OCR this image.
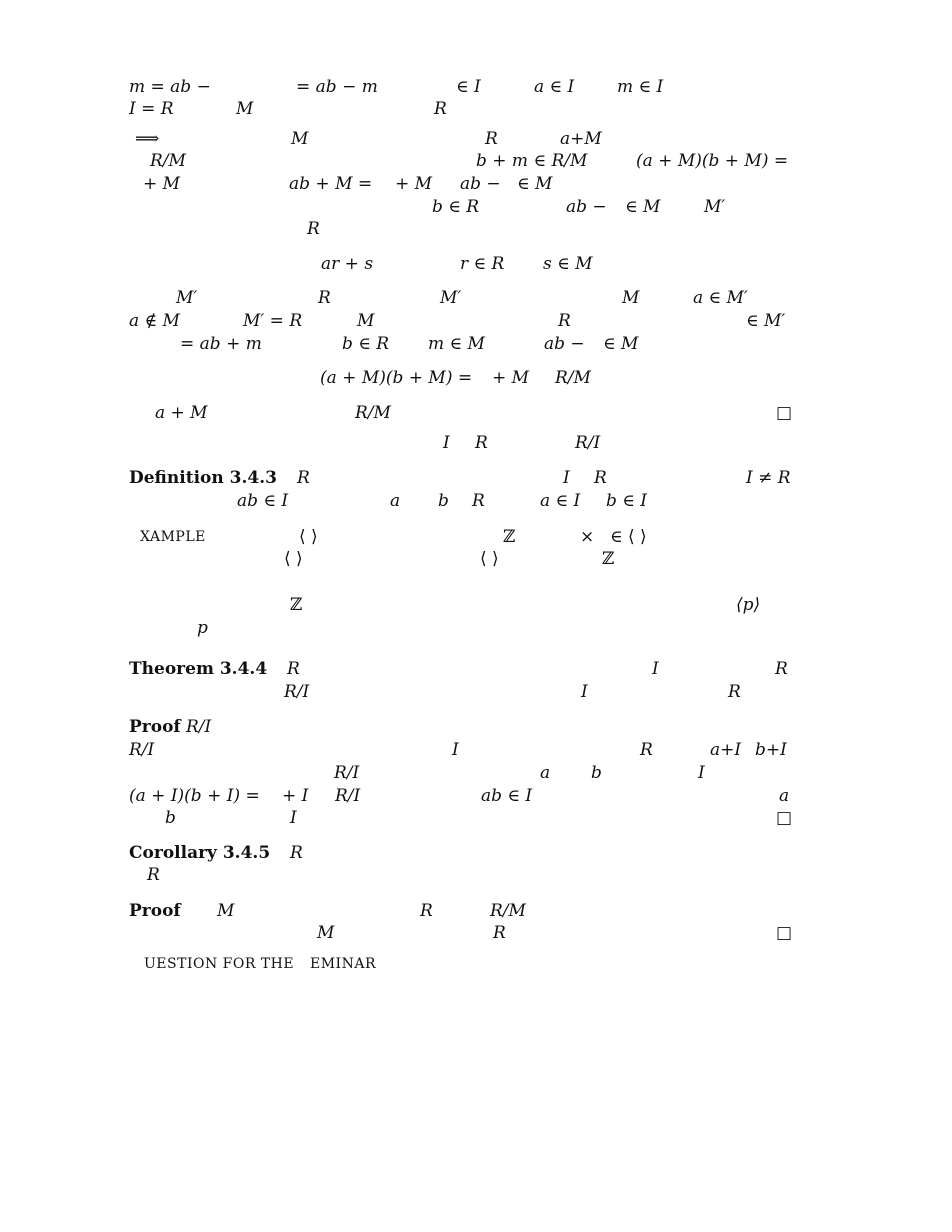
m = ab −	= ab − m	∈ I	a ∈ I	m ∈ I
I = R	M	R
⟹	M	R	a+M
R/M	b + m ∈ R/M	(a + M)(b + M) =
+ M	ab + M = + M ab − ∈ M
b ∈ R	ab − ∈ M	M′
R
ar + s	r ∈ R s ∈ M
M′	R	M′	M	a ∈ M′
a ∉ M	M′ = R	M	R	∈ M′
= ab + m	b ∈ R m ∈ M	ab − ∈ M
(a + M)(b + M) = + M R/M
a + M	R/M
I R	R/I
R	I R	I ≠ R
ab ∈ I	a b R	a ∈ I b ∈ I
⟨ ⟩	ℤ	× ∈ ⟨ ⟩
⟨ ⟩	⟨ ⟩	ℤ
ℤ	⟨p⟩
p
R	I	R
R/I	I	R
R/I
R/I	I	R	a+I b+I
R/I	a b	I
(a + I)(b + I) = + I R/I	ab ∈ I	a
b	I
R
R
M	R	R/M
M	R
Definition 3.4.3
Theorem 3.4.4
Proof
Corollary 3.4.5
Proof
XAMPLE
UESTION FOR THE EMINAR
□
□
□
